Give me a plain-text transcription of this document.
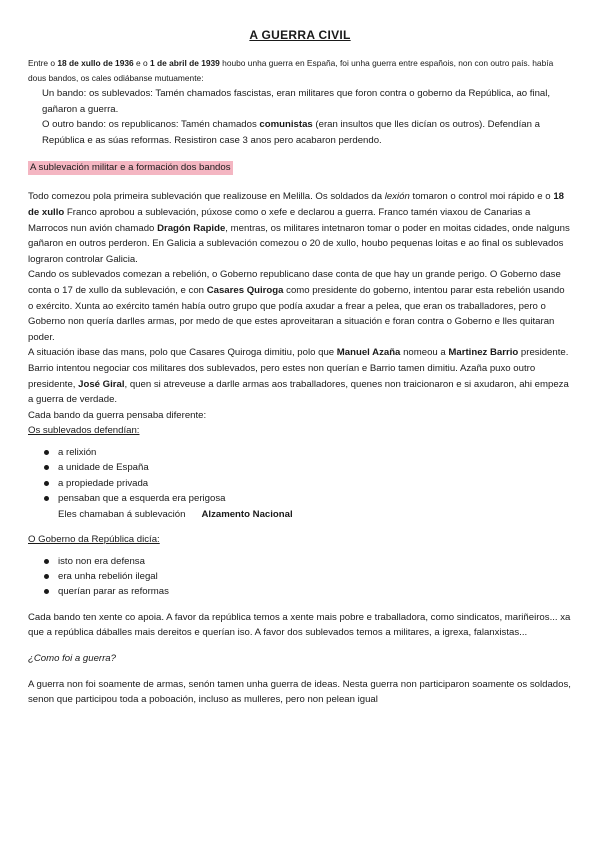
A GUERRA CIVIL

Entre o 18 de xullo de 1936 e o 1 de abril de 1939 houbo unha guerra en España, foi unha guerra entre españois, non con outro país. había dous bandos, os cales odiábanse mutuamente:

Un bando: os sublevados: Tamén chamados fascistas, eran militares que foron contra o goberno da República, ao final, gañaron a guerra.

O outro bando: os republicanos: Tamén chamados comunistas (eran insultos que lles dicían os outros). Defendían a República e as súas reformas. Resistiron case 3 anos pero acabaron perdendo.

A sublevación militar e a formación dos bandos

Todo comezou pola primeira sublevación que realizouse en Melilla. Os soldados da lexión tomaron o control moi rápido e o 18 de xullo Franco aprobou a sublevación, púxose como o xefe e declarou a guerra. Franco tamén viaxou de Canarias a Marrocos nun avión chamado Dragón Rapide, mentras, os militares intetnaron tomar o poder en moitas cidades, onde nalguns gañaron en outros perderon. En Galicia a sublevación comezou o 20 de xullo, houbo pequenas loitas e ao final os sublevados lograron controlar Galicia.

Cando os sublevados comezan a rebelión, o Goberno republicano dase conta de que hay un grande perigo. O Goberno dase conta o 17 de xullo da sublevación, e con Casares Quiroga como presidente do goberno, intentou parar esta rebelión usando o exército. Xunta ao exército tamén había outro grupo que podía axudar a frear a pelea, que eran os traballadores, pero o Goberno non quería darlles armas, por medo de que estes aproveitaran a situación e foran contra o Goberno e lles quitaran poder.

A situación ibase das mans, polo que Casares Quiroga dimitiu, polo que Manuel Azaña nomeou a Martinez Barrio presidente. Barrio intentou negociar cos militares dos sublevados, pero estes non querían e Barrio tamen dimitiu. Azaña puxo outro presidente, José Giral, quen si atreveuse a darlle armas aos traballadores, quenes non traicionaron e si axudaron, ahi empeza a guerra de verdade.

Cada bando da guerra pensaba diferente:

Os sublevados defendían:

a relixión
a unidade de España
a propiedade privada
pensaban que a esquerda era perigosa
Eles chamaban á sublevación Alzamento Nacional

O Goberno da República dicía:

isto non era defensa
era unha rebelión ilegal
querían parar as reformas

Cada bando ten xente co apoia. A favor da república temos a xente mais pobre e traballadora, como sindicatos, mariñeiros... xa que a república dáballes mais dereitos e querían iso. A favor dos sublevados temos a militares, a igrexa, falanxistas...

¿Como foi a guerra?

A guerra non foi soamente de armas, senón tamen unha guerra de ideas. Nesta guerra non participaron soamente os soldados, senon que participou toda a poboación, incluso as mulleres, pero non pelean igual
